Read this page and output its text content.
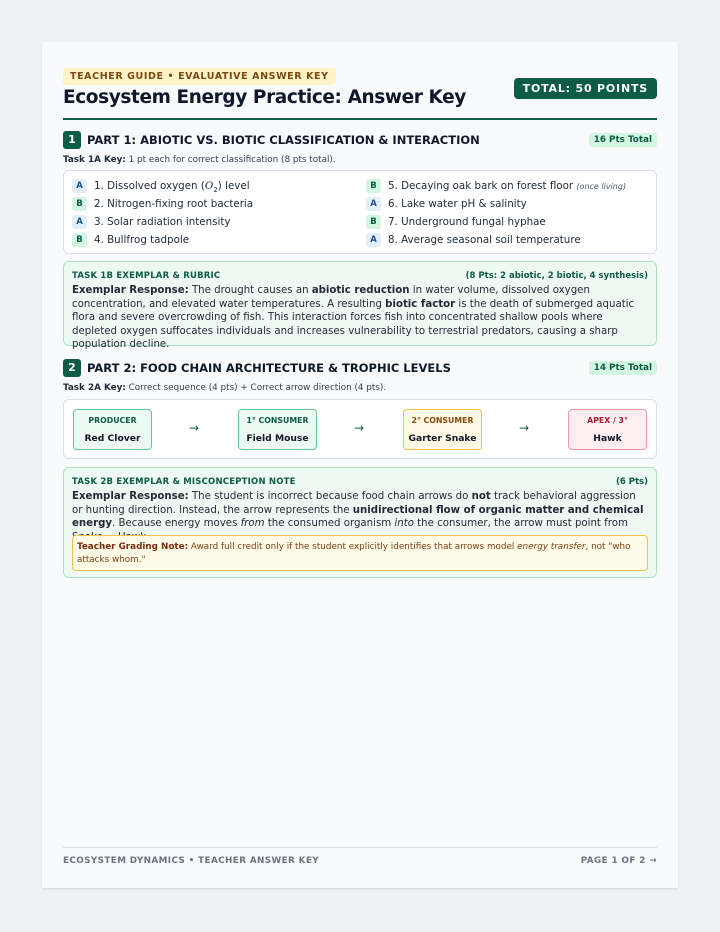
TEACHER GUIDE • EVALUATIVE ANSWER KEY
Ecosystem Energy Practice: Answer Key	TOTAL: 50 POINTS
1 PART 1: ABIOTIC VS. BIOTIC CLASSIFICATION & INTERACTION	16 Pts Total
Task 1A Key: 1 pt each for correct classification (8 pts total).
A	1. Dissolved oxygen $(O_2)$ level
B	2. Nitrogen-fixing root bacteria
A	3. Solar radiation intensity
B	4. Bullfrog tadpole
B	5. Decaying oak bark on forest floor (once living)
A	6. Lake water pH & salinity
B	7. Underground fungal hyphae
A	8. Average seasonal soil temperature
TASK 1B EXEMPLAR & RUBRIC	(8 Pts: 2 abiotic, 2 biotic, 4 synthesis)
Exemplar Response: The drought causes an abiotic reduction in water volume, dissolved oxygen concentration, and elevated water temperatures. A resulting biotic factor is the death of submerged aquatic flora and severe overcrowding of fish. This interaction forces fish into concentrated shallow pools where depleted oxygen suffocates individuals and increases vulnerability to terrestrial predators, causing a sharp population decline.
2 PART 2: FOOD CHAIN ARCHITECTURE & TROPHIC LEVELS	14 Pts Total
Task 2A Key: Correct sequence (4 pts) + Correct arrow direction (4 pts).
PRODUCER
Red Clover
→
1° CONSUMER
Field Mouse
→
2° CONSUMER
Garter Snake
→
APEX / 3°
Hawk
TASK 2B EXEMPLAR & MISCONCEPTION NOTE	(6 Pts)
Exemplar Response: The student is incorrect because food chain arrows do not track behavioral aggression or hunting direction. Instead, the arrow represents the unidirectional flow of organic matter and chemical energy. Because energy moves from the consumed organism into the consumer, the arrow must point from
Teacher Grading Note: Award full credit only if the student explicitly identifies that arrows model energy transfer, not "who attacks whom."
ECOSYSTEM DYNAMICS • TEACHER ANSWER KEY	PAGE 1 OF 2 →
